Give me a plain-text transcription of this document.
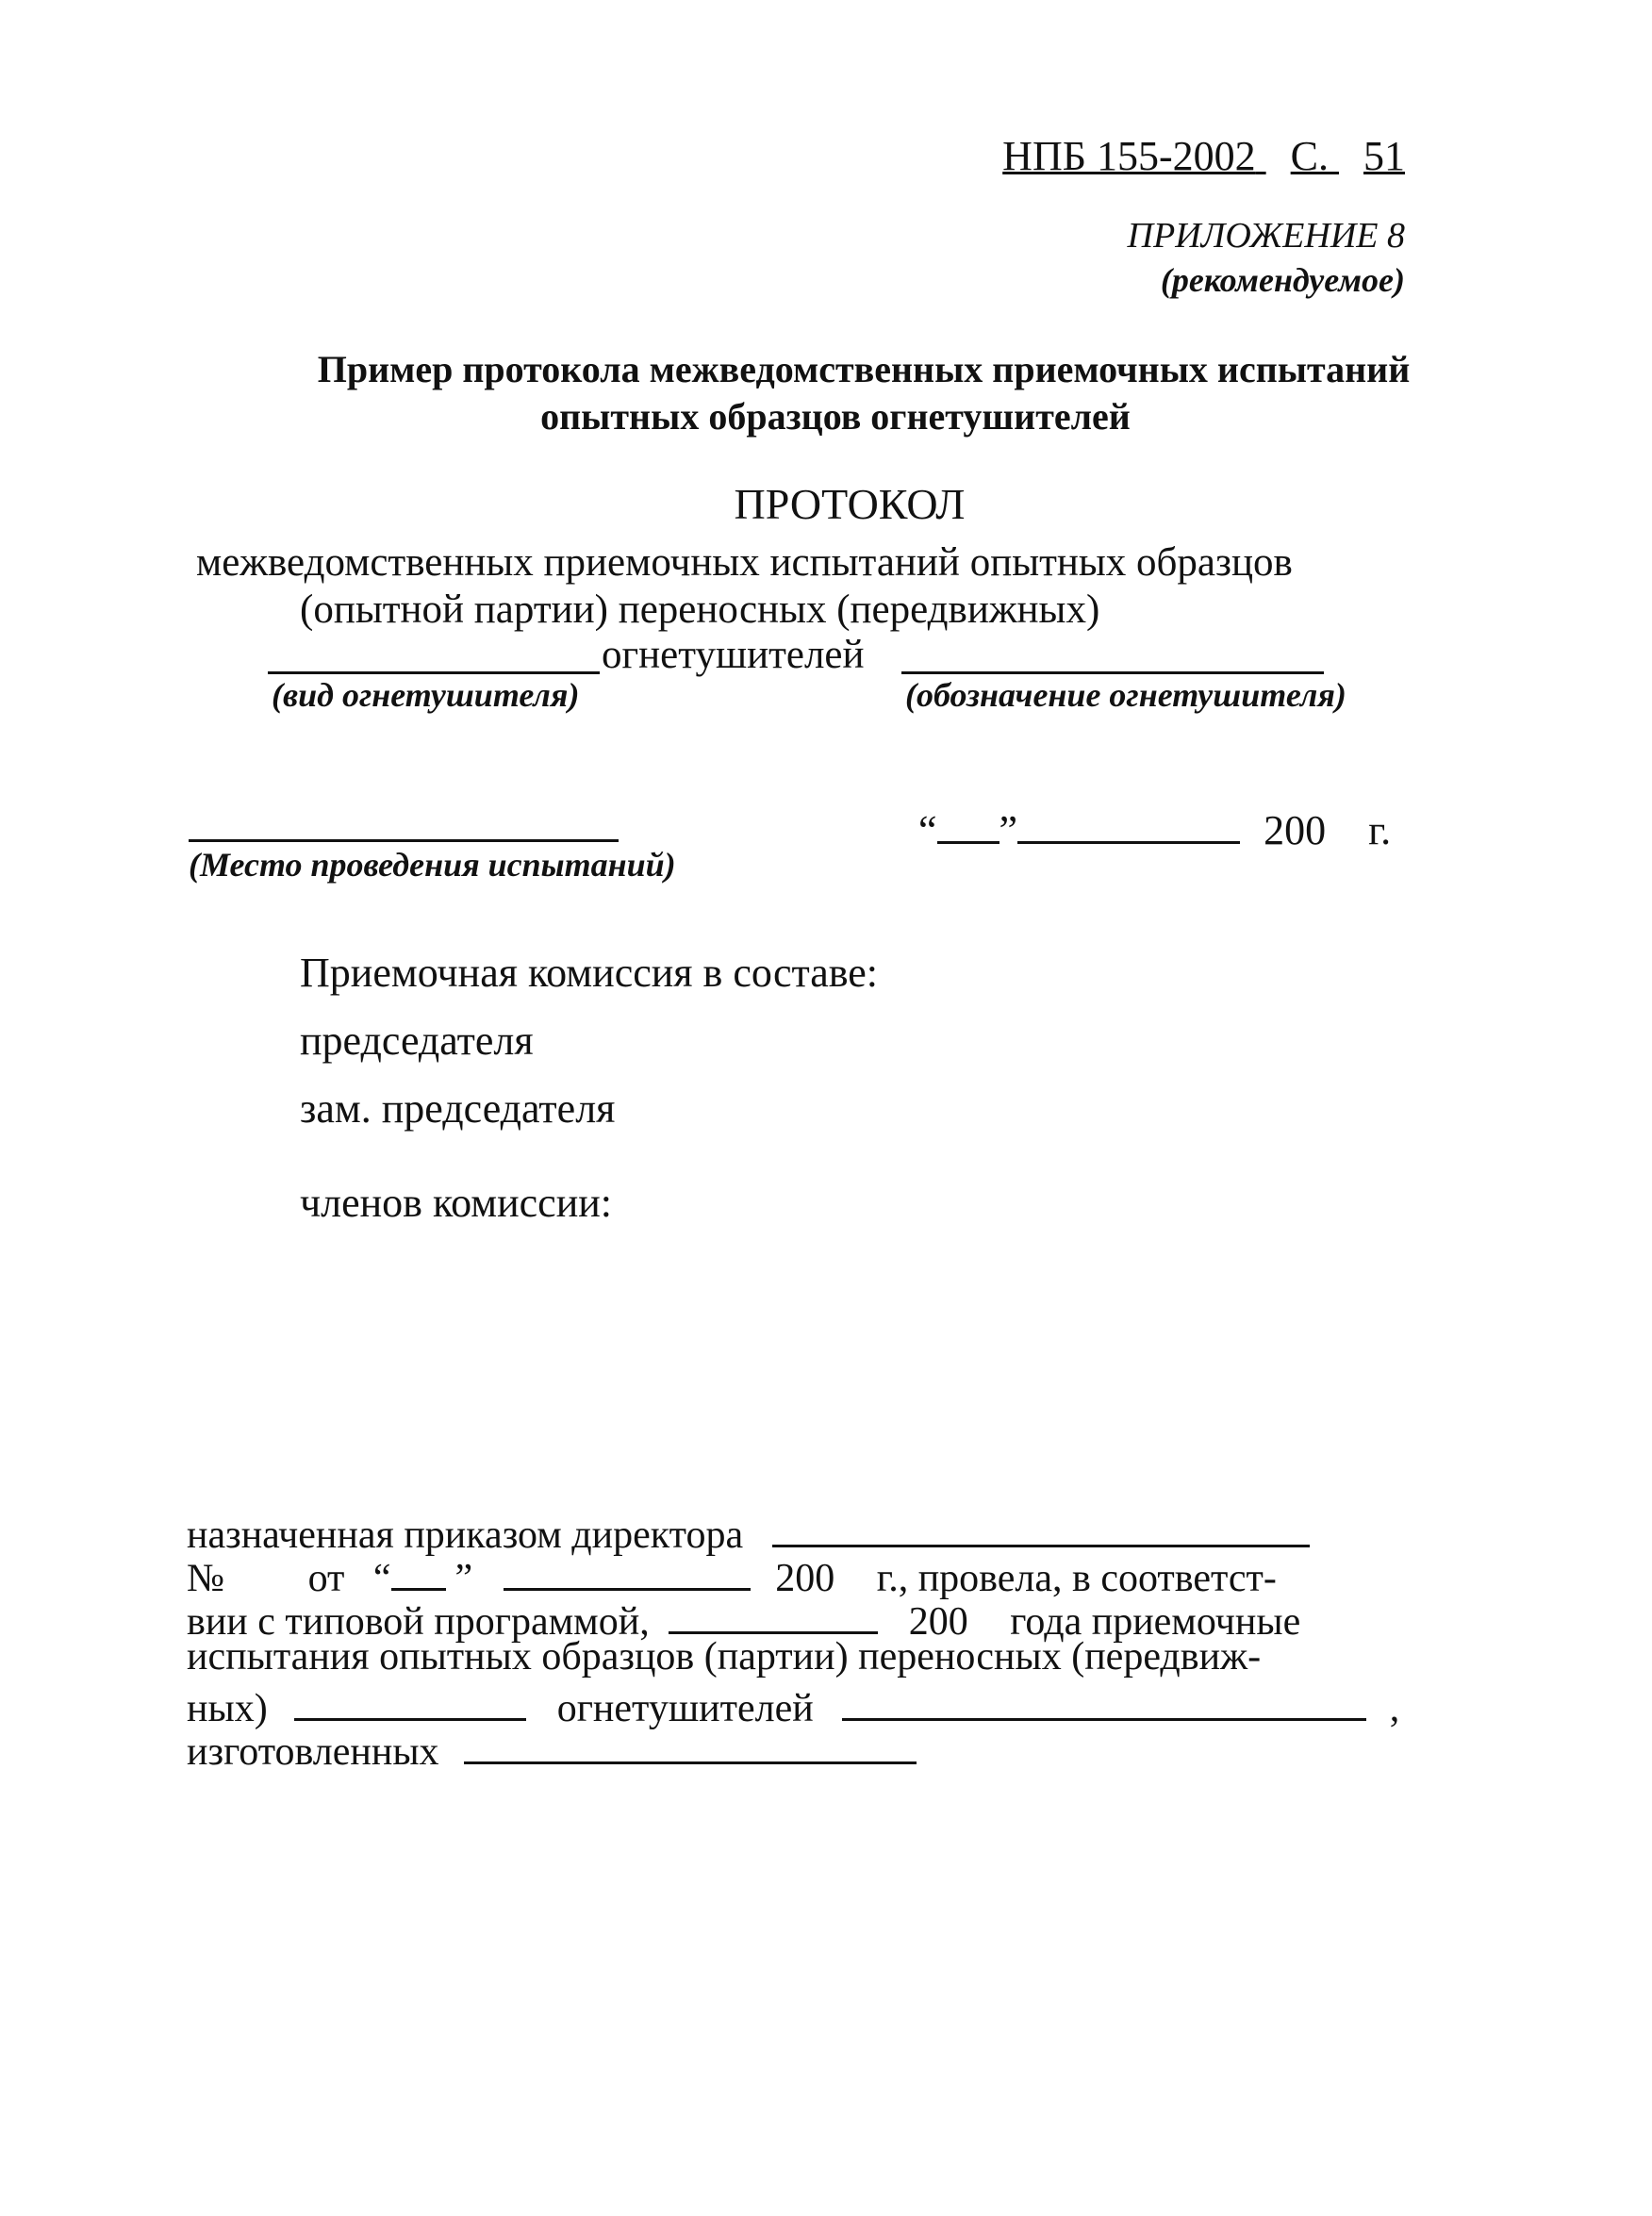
НПБ 155-2002 С. 51
ПРИЛОЖЕНИЕ 8
(рекомендуемое)
Пример протокола межведомственных приемочных испытаний
опытных образцов огнетушителей
ПРОТОКОЛ
межведомственных приемочных испытаний опытных образцов
(опытной партии) переносных (передвижных)
огнетушителей
(вид огнетушителя)	(обозначение огнетушителя)
(Место проведения испытаний)
“ ”	200 г.
Приемочная комиссия в составе:
председателя
зам. председателя
членов комиссии:
назначенная приказом директора
№ от “ ”	200 г., провела, в соответст-
вии с типовой программой,	200 года приемочные
испытания опытных образцов (партии) переносных (передвиж-
ных)	огнетушителей	,
изготовленных
